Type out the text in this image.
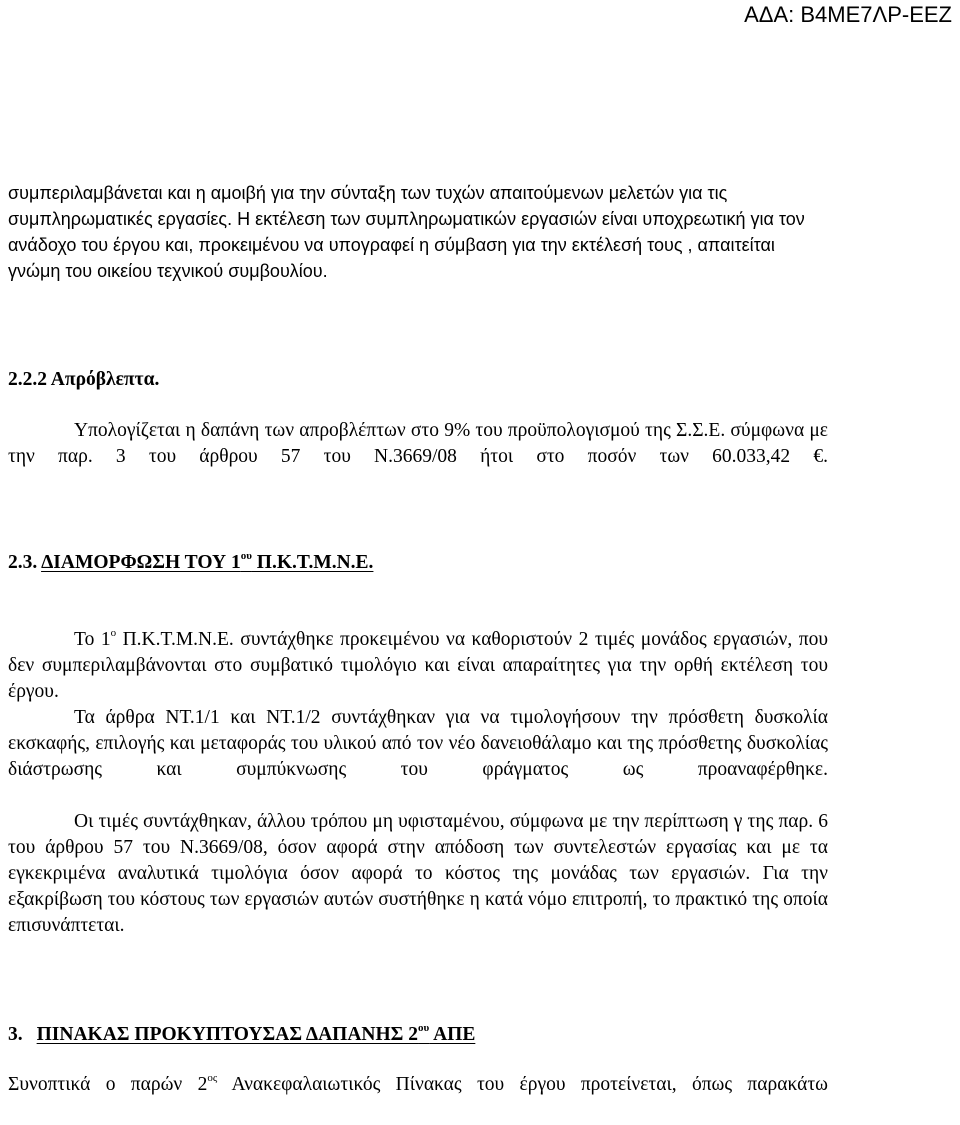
ΑΔΑ: Β4ΜΕ7ΛΡ-ΕΕΖ

συμπεριλαμβάνεται και η αμοιβή για την σύνταξη των τυχών απαιτούμενων μελετών για τις συμπληρωματικές εργασίες. Η εκτέλεση των συμπληρωματικών εργασιών είναι υποχρεωτική για τον ανάδοχο του έργου και, προκειμένου να υπογραφεί η σύμβαση για την εκτέλεσή τους , απαιτείται γνώμη του οικείου τεχνικού συμβουλίου.

2.2.2 Απρόβλεπτα.

Υπολογίζεται η δαπάνη των απροβλέπτων στο 9% του προϋπολογισμού της Σ.Σ.Ε. σύμφωνα με την παρ. 3 του άρθρου 57 του Ν.3669/08 ήτοι στο ποσόν των 60.033,42 €.

2.3. ΔΙΑΜΟΡΦΩΣΗ ΤΟΥ $1^{o\upsilon}$ Π.Κ.Τ.Μ.Ν.Ε.

Το $1^o$ Π.Κ.Τ.Μ.Ν.Ε. συντάχθηκε προκειμένου να καθοριστούν 2 τιμές μονάδος εργασιών, που δεν συμπεριλαμβάνονται στο συμβατικό τιμολόγιο και είναι απαραίτητες για την ορθή εκτέλεση του έργου.

Τα άρθρα ΝΤ.1/1 και ΝΤ.1/2 συντάχθηκαν για να τιμολογήσουν την πρόσθετη δυσκολία εκσκαφής, επιλογής και μεταφοράς του υλικού από τον νέο δανειοθάλαμο και της πρόσθετης δυσκολίας διάστρωσης και συμπύκνωσης του φράγματος ως προαναφέρθηκε.

Οι τιμές συντάχθηκαν, άλλου τρόπου μη υφισταμένου, σύμφωνα με την περίπτωση γ της παρ. 6 του άρθρου 57 του Ν.3669/08, όσον αφορά στην απόδοση των συντελεστών εργασίας και με τα εγκεκριμένα αναλυτικά τιμολόγια όσον αφορά το κόστος της μονάδας των εργασιών. Για την εξακρίβωση του κόστους των εργασιών αυτών συστήθηκε η κατά νόμο επιτροπή, το πρακτικό της οποία επισυνάπτεται.

3. ΠΙΝΑΚΑΣ ΠΡΟΚΥΠΤΟΥΣΑΣ ΔΑΠΑΝΗΣ $2^{o\upsilon}$ ΑΠΕ

Συνοπτικά ο παρών $2^{o\varsigma}$ Ανακεφαλαιωτικός Πίνακας του έργου προτείνεται, όπως παρακάτω
